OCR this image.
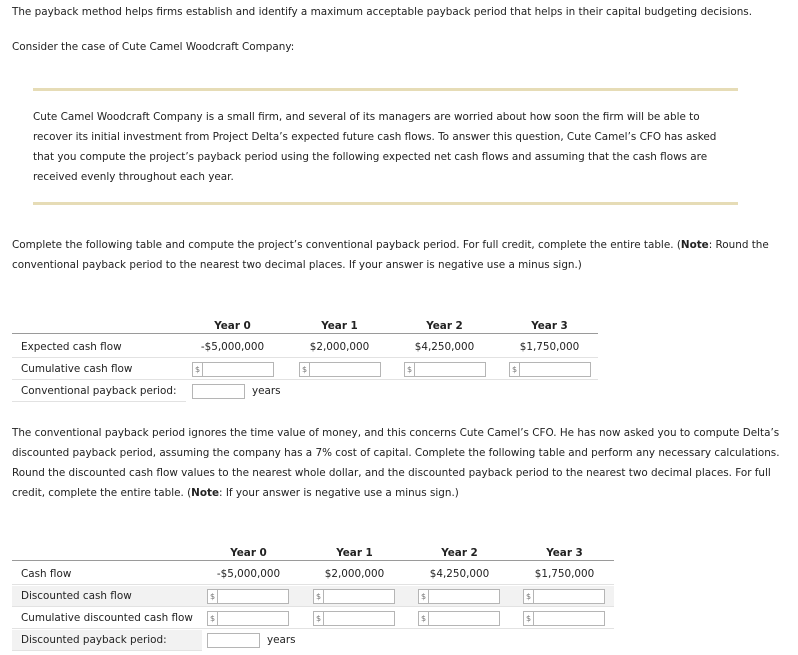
The payback method helps firms establish and identify a maximum acceptable payback period that helps in their capital budgeting decisions.
Consider the case of Cute Camel Woodcraft Company:
Cute Camel Woodcraft Company is a small firm, and several of its managers are worried about how soon the firm will be able to recover its initial investment from Project Delta’s expected future cash flows. To answer this question, Cute Camel’s CFO has asked that you compute the project’s payback period using the following expected net cash flows and assuming that the cash flows are received evenly throughout each year.
Complete the following table and compute the project’s conventional payback period. For full credit, complete the entire table. (Note: Round the conventional payback period to the nearest two decimal places. If your answer is negative use a minus sign.)
Year 0	Year 1	Year 2	Year 3
Expected cash flow	-$5,000,000	$2,000,000	$4,250,000	$1,750,000
Cumulative cash flow	$	$	$	$
Conventional payback period:	years
The conventional payback period ignores the time value of money, and this concerns Cute Camel’s CFO. He has now asked you to compute Delta’s discounted payback period, assuming the company has a 7% cost of capital. Complete the following table and perform any necessary calculations. Round the discounted cash flow values to the nearest whole dollar, and the discounted payback period to the nearest two decimal places. For full credit, complete the entire table. (Note: If your answer is negative use a minus sign.)
Year 0	Year 1	Year 2	Year 3
Cash flow	-$5,000,000	$2,000,000	$4,250,000	$1,750,000
Discounted cash flow	$	$	$	$
Cumulative discounted cash flow	$	$	$	$
Discounted payback period:	years
